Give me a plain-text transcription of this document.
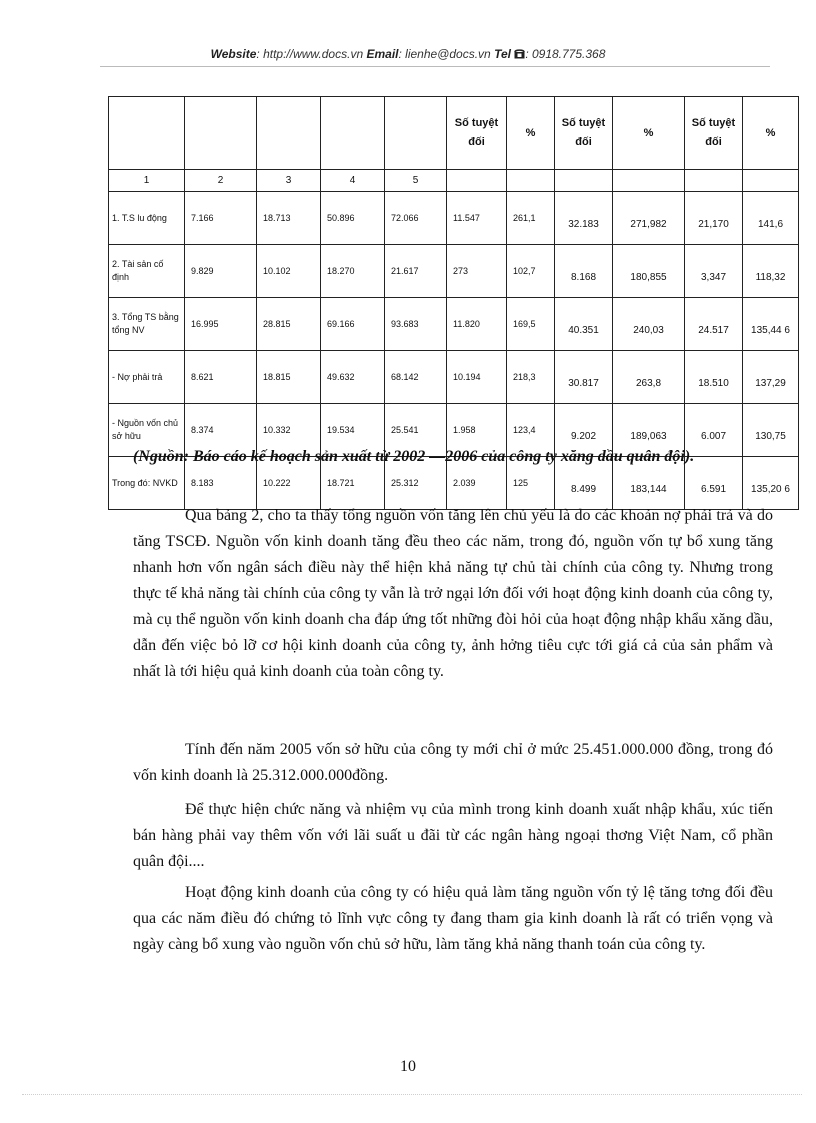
Website: http://www.docs.vn Email: lienhe@docs.vn Tel : 0918.775.368
					Số tuyệt đối	%	Số tuyệt đối	%	Số tuyệt đối	%
1	2	3	4	5						
1. T.S lu động	7.166	18.713	50.896	72.066	11.547	261,1	32.183	271,982	21,170	141,6
2. Tài sản cố định	9.829	10.102	18.270	21.617	273	102,7	8.168	180,855	3,347	118,32
3. Tổng TS bằng tổng NV	16.995	28.815	69.166	93.683	11.820	169,5	40.351	240,03	24.517	135,44 6
- Nợ phải trả	8.621	18.815	49.632	68.142	10.194	218,3	30.817	263,8	18.510	137,29
- Nguồn vốn chủ sở hữu	8.374	10.332	19.534	25.541	1.958	123,4	9.202	189,063	6.007	130,75
Trong đó: NVKD	8.183	10.222	18.721	25.312	2.039	125	8.499	183,144	6.591	135,20 6
(Nguồn: Báo cáo kế hoạch sản xuất từ 2002 —2006 của công ty xăng dầu quân đội).

Qua bảng 2, cho ta thấy tổng nguồn vốn tăng lên chủ yếu là do các khoản nợ phải trả và do tăng TSCĐ. Nguồn vốn kinh doanh tăng đều theo các năm, trong đó, nguồn vốn tự bổ xung tăng nhanh hơn vốn ngân sách điều này thể hiện khả năng tự chủ tài chính của công ty. Nhưng trong thực tế khả năng tài chính của công ty vẫn là trở ngại lớn đối với hoạt động kinh doanh của công ty, mà cụ thể nguồn vốn kinh doanh cha đáp ứng tốt những đòi hỏi của hoạt động nhập khẩu xăng dầu, dẫn đến việc bỏ lỡ cơ hội kinh doanh của công ty, ảnh hởng tiêu cực tới giá cả của sản phẩm và nhất là tới hiệu quả kinh doanh của toàn công ty.

Tính đến năm 2005 vốn sở hữu của công ty mới chỉ ở mức 25.451.000.000 đồng, trong đó vốn kinh doanh là 25.312.000.000đồng.

Để thực hiện chức năng và nhiệm vụ của mình trong kinh doanh xuất nhập khẩu, xúc tiến bán hàng phải vay thêm vốn với lãi suất u đãi từ các ngân hàng ngoại thơng Việt Nam, cổ phần quân đội....

Hoạt động kinh doanh của công ty có hiệu quả làm tăng nguồn vốn tỷ lệ tăng tơng đối đều qua các năm điều đó chứng tỏ lĩnh vực công ty đang tham gia kinh doanh là rất có triển vọng và ngày càng bổ xung vào nguồn vốn chủ sở hữu, làm tăng khả năng thanh toán của công ty.

10
